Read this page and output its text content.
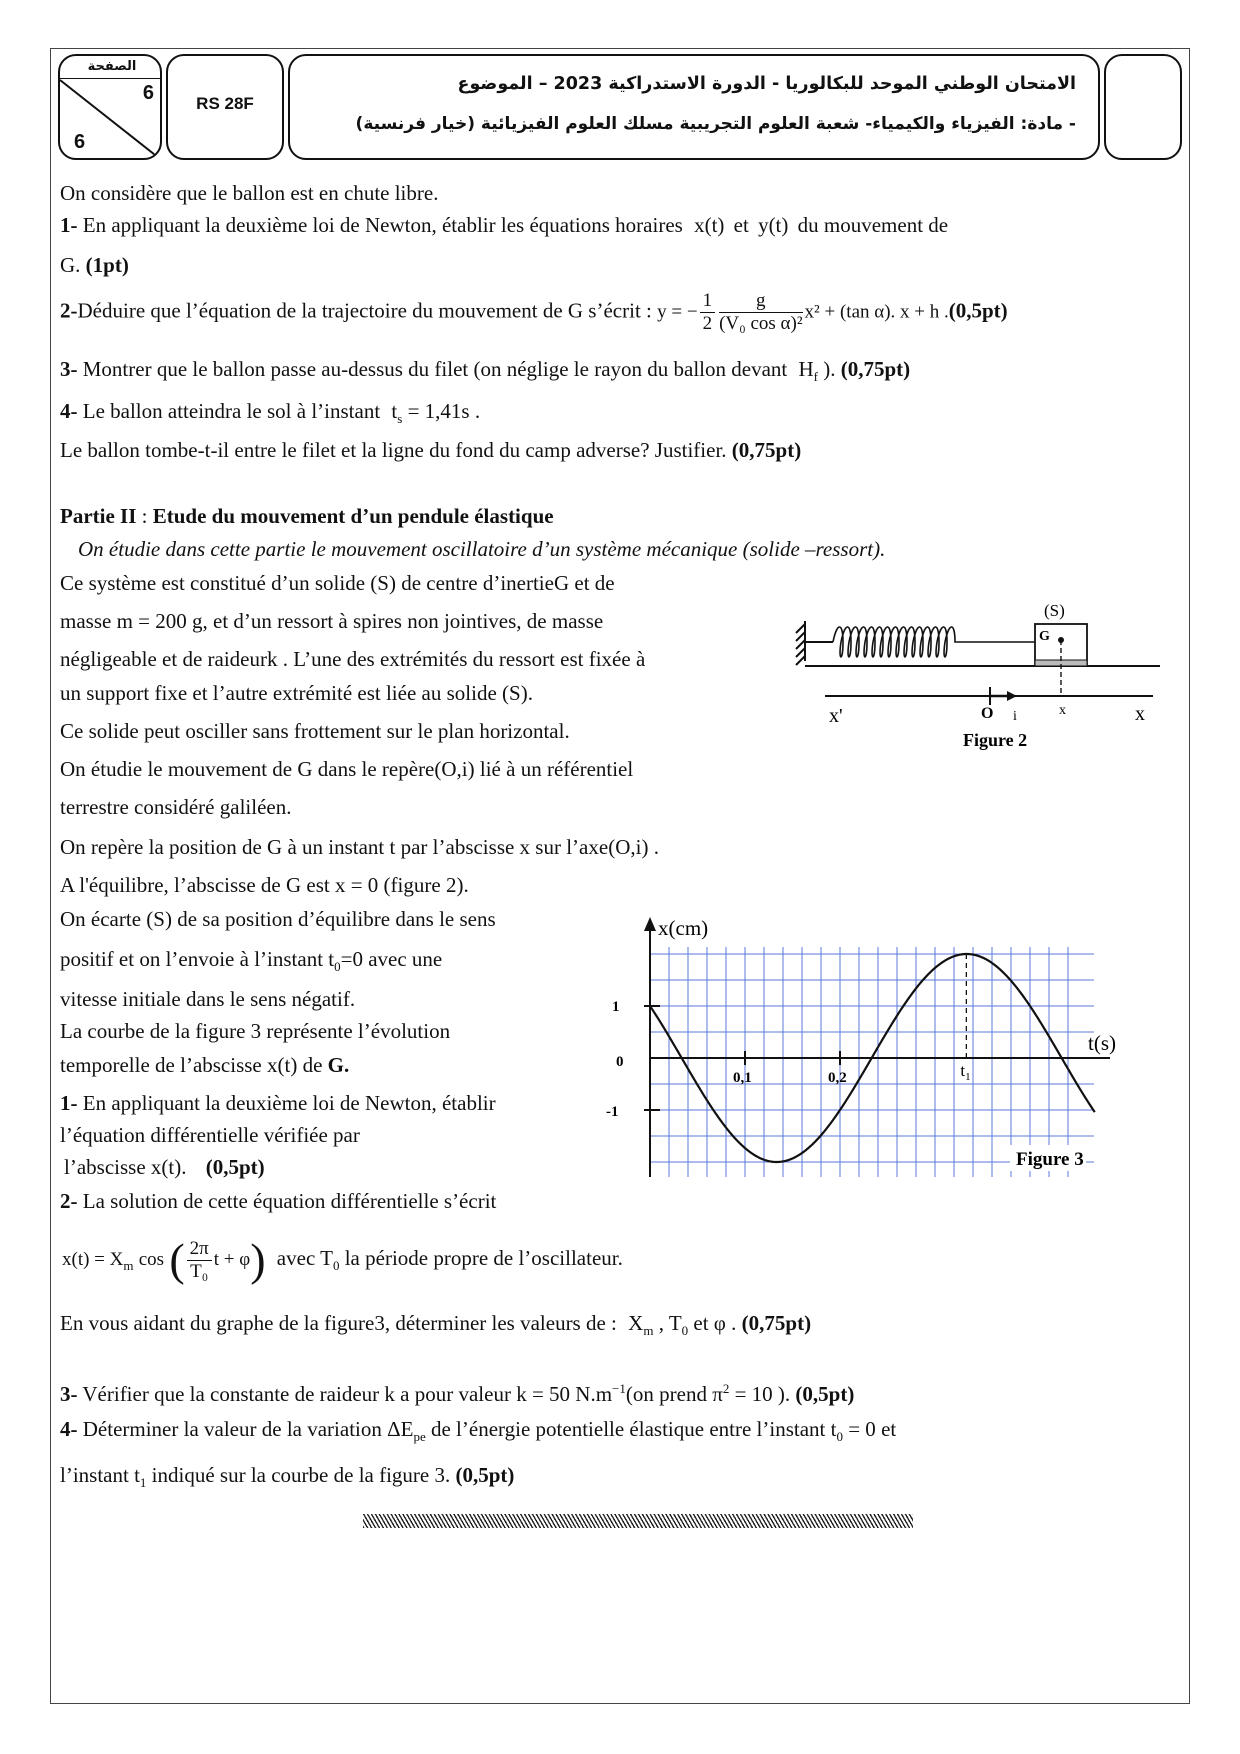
الصفحة
6
6
RS 28F
الامتحان الوطني الموحد للبكالوريا - الدورة الاستدراكية 2023 – الموضوع
- مادة: الفيزياء والكيمياء- شعبة العلوم التجريبية مسلك العلوم الفيزيائية (خيار فرنسية)
On considère que le ballon est en chute libre.
1- En appliquant la deuxième loi de Newton, établir les équations horaires x(t) et y(t) du mouvement de
G. (1pt)
2-Déduire que l’équation de la trajectoire du mouvement de G s’écrit : y = − $\frac{1}{2} \frac{g}{\text{(V₀ cos α)²}} x^2 + (\tan$ α). x + h .(0,5pt)
3- Montrer que le ballon passe au-dessus du filet (on néglige le rayon du ballon devant $H_f$ ). (0,75pt)
4- Le ballon atteindra le sol à l’instant $t_s = 1,41s$ .
Le ballon tombe-t-il entre le filet et la ligne du fond du camp adverse? Justifier. (0,75pt)
Partie II : Etude du mouvement d’un pendule élastique
On étudie dans cette partie le mouvement oscillatoire d’un système mécanique (solide –ressort).
Ce système est constitué d’un solide (S) de centre d’inertieG et de
masse m = 200 g, et d’un ressort à spires non jointives, de masse
négligeable et de raideurk . L’une des extrémités du ressort est fixée à
un support fixe et l’autre extrémité est liée au solide (S).
Ce solide peut osciller sans frottement sur le plan horizontal.
On étudie le mouvement de G dans le repère(O,i) lié à un référentiel
terrestre considéré galiléen.
On repère la position de G à un instant t par l’abscisse x sur l’axe(O,i) .
A l'équilibre, l’abscisse de G est x = 0 (figure 2).
On écarte (S) de sa position d’équilibre dans le sens
positif et on l’envoie à l’instant $t_0=0$ avec une
vitesse initiale dans le sens négatif.
La courbe de la figure 3 représente l’évolution
temporelle de l’abscisse x(t) de G.
1- En appliquant la deuxième loi de Newton, établir
l’équation différentielle vérifiée par
l’abscisse x(t). (0,5pt)
2- La solution de cette équation différentielle s’écrit
$x(t) = X_m$ cos ( $\frac{2\pi}{\text{T₀}}$ t + φ) avec $T_0$ la période propre de l’oscillateur.
En vous aidant du graphe de la figure3, déterminer les valeurs de : $X_m$ , $T_0$ et φ . (0,75pt)
3- Vérifier que la constante de raideur k a pour valeur k = 50 $N.m^{-1}(on$ prend $\pi^2 = 10$ ). (0,5pt)
4- Déterminer la valeur de la variation $\Delta E_{pe}$ de l’énergie potentielle élastique entre l’instant $t_0 = 0$ et
l’instant $t_1$ indiqué sur la courbe de la figure 3. (0,5pt)
(S)
G
O i	x
x'	x
Figure 2
x(cm)
t(s)
1
0
-1
0,1	0,2	$t_1$
Figure 3
